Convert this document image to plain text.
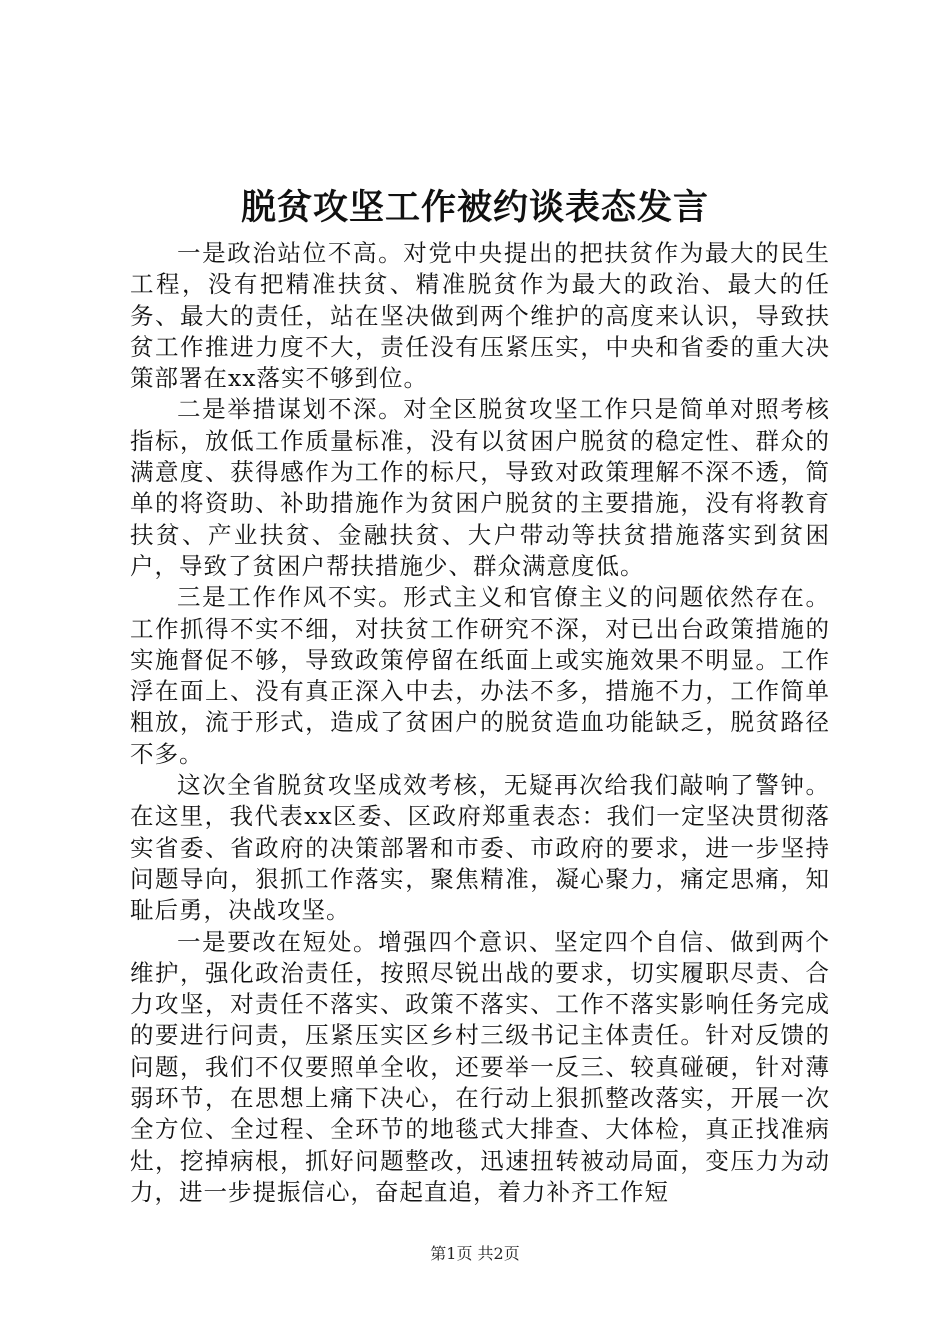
脱贫攻坚工作被约谈表态发言

一是政治站位不高。对党中央提出的把扶贫作为最大的民生工程，没有把精准扶贫、精准脱贫作为最大的政治、最大的任务、最大的责任，站在坚决做到两个维护的高度来认识，导致扶贫工作推进力度不大，责任没有压紧压实，中央和省委的重大决策部署在xx落实不够到位。

二是举措谋划不深。对全区脱贫攻坚工作只是简单对照考核指标，放低工作质量标准，没有以贫困户脱贫的稳定性、群众的满意度、获得感作为工作的标尺，导致对政策理解不深不透，简单的将资助、补助措施作为贫困户脱贫的主要措施，没有将教育扶贫、产业扶贫、金融扶贫、大户带动等扶贫措施落实到贫困户，导致了贫困户帮扶措施少、群众满意度低。

三是工作作风不实。形式主义和官僚主义的问题依然存在。工作抓得不实不细，对扶贫工作研究不深，对已出台政策措施的实施督促不够，导致政策停留在纸面上或实施效果不明显。工作浮在面上、没有真正深入中去，办法不多，措施不力，工作简单粗放，流于形式，造成了贫困户的脱贫造血功能缺乏，脱贫路径不多。

这次全省脱贫攻坚成效考核，无疑再次给我们敲响了警钟。在这里，我代表xx区委、区政府郑重表态：我们一定坚决贯彻落实省委、省政府的决策部署和市委、市政府的要求，进一步坚持问题导向，狠抓工作落实，聚焦精准，凝心聚力，痛定思痛，知耻后勇，决战攻坚。

一是要改在短处。增强四个意识、坚定四个自信、做到两个维护，强化政治责任，按照尽锐出战的要求，切实履职尽责、合力攻坚，对责任不落实、政策不落实、工作不落实影响任务完成的要进行问责，压紧压实区乡村三级书记主体责任。针对反馈的问题，我们不仅要照单全收，还要举一反三、较真碰硬，针对薄弱环节，在思想上痛下决心，在行动上狠抓整改落实，开展一次全方位、全过程、全环节的地毯式大排查、大体检，真正找准病灶，挖掉病根，抓好问题整改，迅速扭转被动局面，变压力为动力，进一步提振信心，奋起直追，着力补齐工作短

第1页 共2页
